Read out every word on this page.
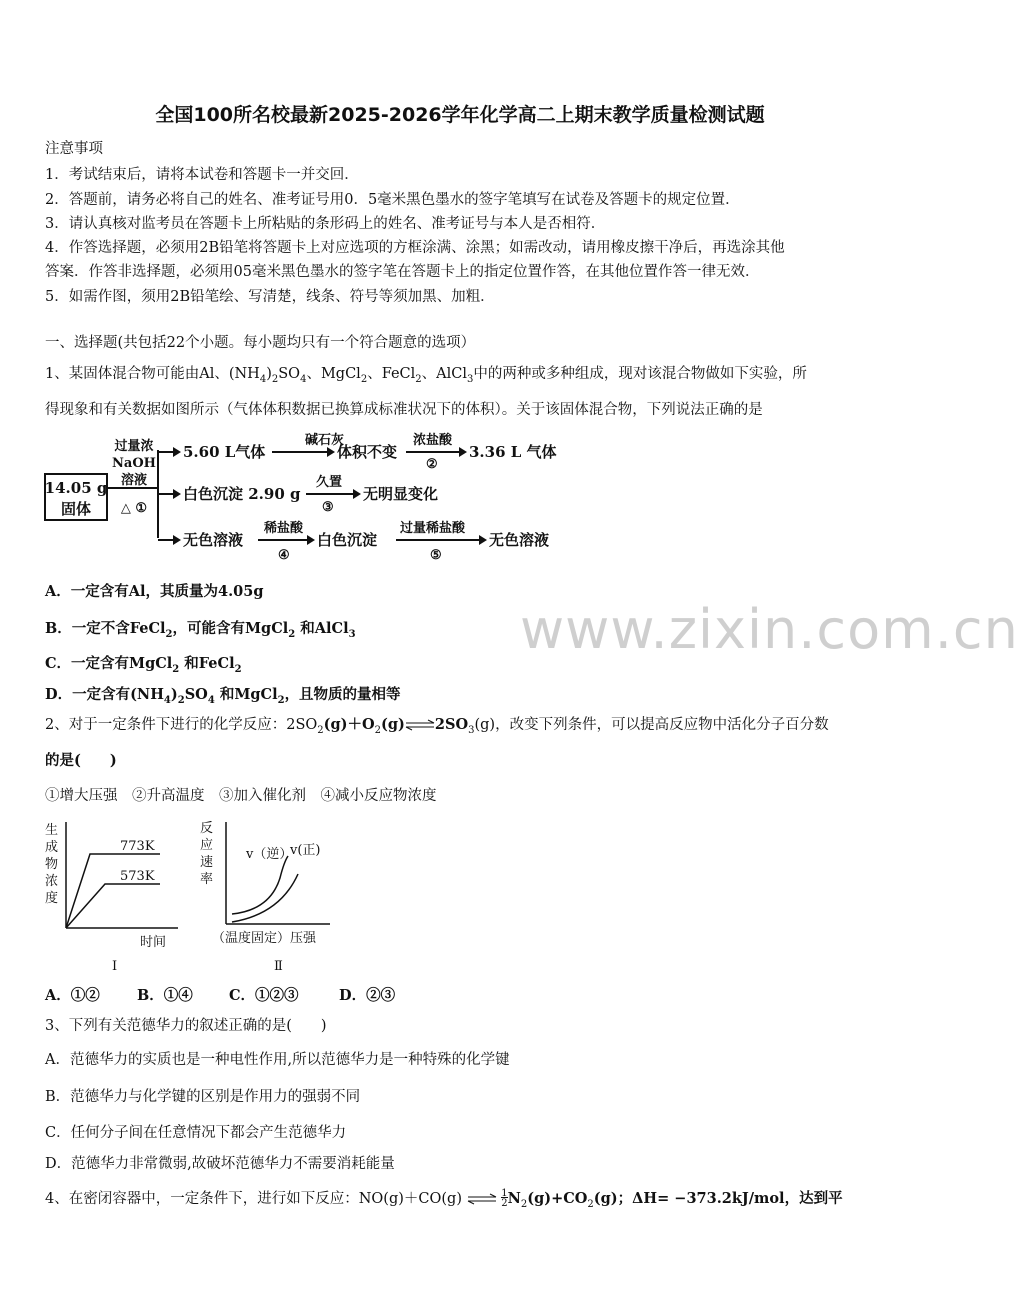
全国100所名校最新2025-2026学年化学高二上期末教学质量检测试题
注意事项
1．考试结束后，请将本试卷和答题卡一并交回．
2．答题前，请务必将自己的姓名、准考证号用0．5毫米黑色墨水的签字笔填写在试卷及答题卡的规定位置．
3．请认真核对监考员在答题卡上所粘贴的条形码上的姓名、准考证号与本人是否相符．
4．作答选择题，必须用2B铅笔将答题卡上对应选项的方框涂满、涂黑；如需改动，请用橡皮擦干净后，再选涂其他
答案．作答非选择题，必须用05毫米黑色墨水的签字笔在答题卡上的指定位置作答，在其他位置作答一律无效．
5．如需作图，须用2B铅笔绘、写清楚，线条、符号等须加黑、加粗．
一、选择题(共包括22个小题。每小题均只有一个符合题意的选项）
1、某固体混合物可能由Al、$(NH_4)_2SO_4$、MgCl$_2$、FeCl$_2$、AlCl$_3$中的两种或多种组成，现对该混合物做如下实验，所
得现象和有关数据如图所示（气体体积数据已换算成标准状况下的体积）。关于该固体混合物，下列说法正确的是
14.05 g
固体
过量浓
NaOH
溶液
△ ①
5.60 L气体
碱石灰
体积不变
浓盐酸
②
3.36 L 气体
白色沉淀 2.90 g
久置
③
无明显变化
无色溶液
稀盐酸
④
白色沉淀
过量稀盐酸
⑤
无色溶液
A．一定含有Al，其质量为4.05g
B．一定不含FeCl$_2$，可能含有MgCl$_2$ 和AlCl$_3$
C．一定含有MgCl$_2$ 和FeCl$_2$
D．一定含有$(NH_4)_2SO_4$ 和MgCl$_2$，且物质的量相等
www.zixin.com.cn
2、对于一定条件下进行的化学反应：$2SO_2(g)+O_2(g)\rightleftharpoons 2SO_3(g)$，改变下列条件，可以提高反应物中活化分子百分数
的是(　　)
①增大压强　②升高温度　③加入催化剂　④减小反应物浓度
生
成
物
浓
度
773K
573K
时间
I
反
应
速
率
v（逆）
v(正)
（温度固定）压强
Ⅱ
A．①②	B．①④ C．①②③	D．②③
3、下列有关范德华力的叙述正确的是(　　)
A．范德华力的实质也是一种电性作用,所以范德华力是一种特殊的化学键
B．范德华力与化学键的区别是作用力的强弱不同
C．任何分子间在任意情况下都会产生范德华力
D．范德华力非常微弱,故破坏范德华力不需要消耗能量
4、在密闭容器中，一定条件下，进行如下反应：NO(g)＋CO(g) ⇌ $\frac{1}{2}N_2(g)+CO_2(g)$；ΔH= −373.2kJ/mol，达到平
